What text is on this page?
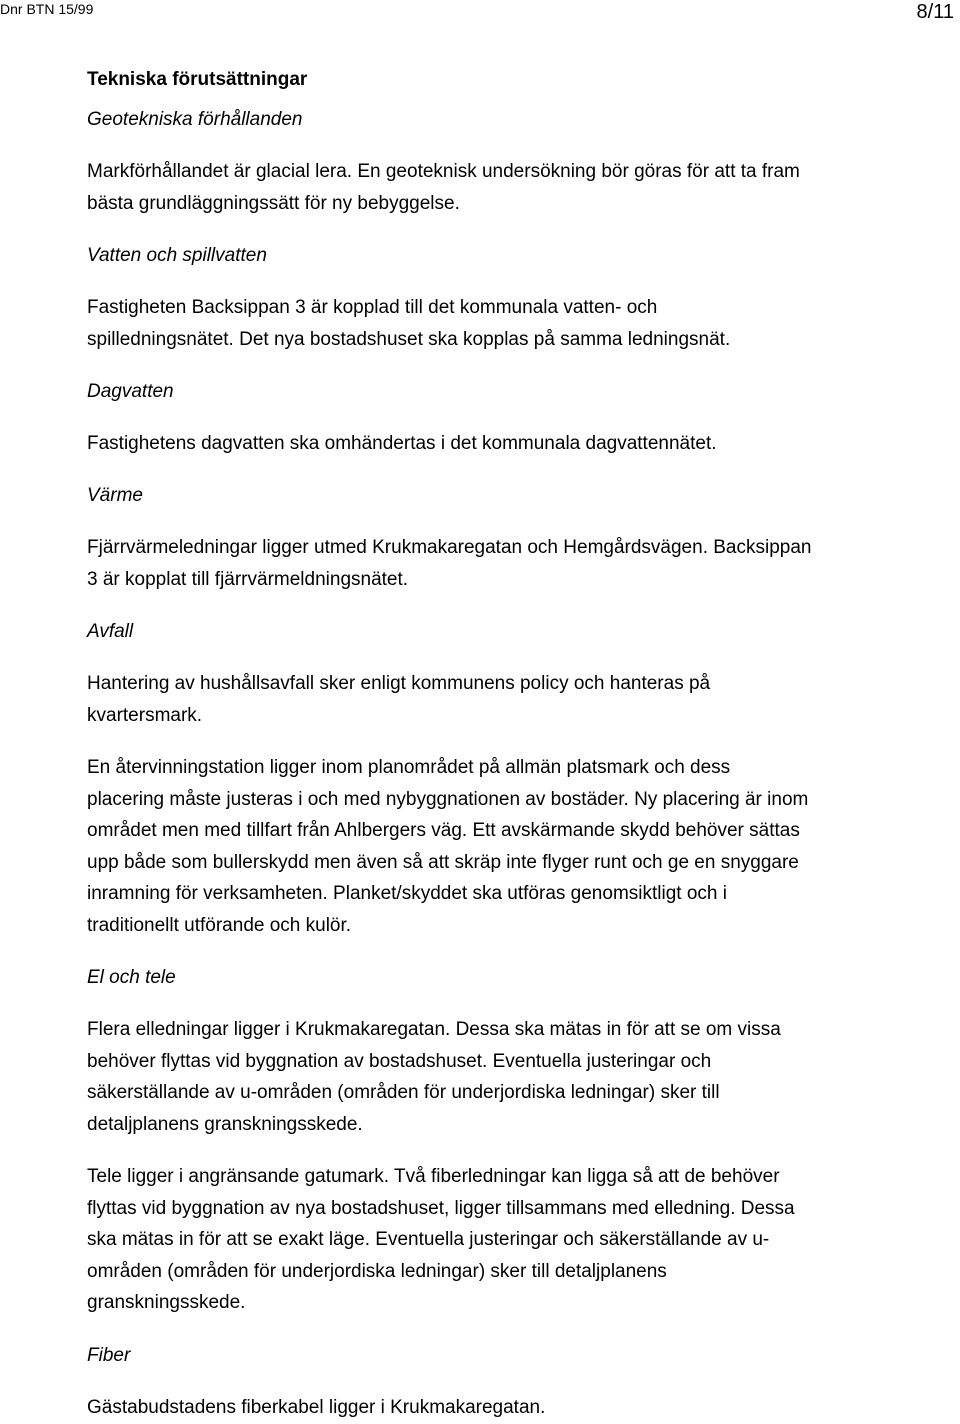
Dnr BTN 15/99	8/11
Tekniska förutsättningar
Geotekniska förhållanden
Markförhållandet är glacial lera. En geoteknisk undersökning bör göras för att ta fram
bästa grundläggningssätt för ny bebyggelse.
Vatten och spillvatten
Fastigheten Backsippan 3 är kopplad till det kommunala vatten- och
spilledningsnätet. Det nya bostadshuset ska kopplas på samma ledningsnät.
Dagvatten
Fastighetens dagvatten ska omhändertas i det kommunala dagvattennätet.
Värme
Fjärrvärmeledningar ligger utmed Krukmakaregatan och Hemgårdsvägen. Backsippan
3 är kopplat till fjärrvärmeldningsnätet.
Avfall
Hantering av hushållsavfall sker enligt kommunens policy och hanteras på
kvartersmark.
En återvinningstation ligger inom planområdet på allmän platsmark och dess
placering måste justeras i och med nybyggnationen av bostäder. Ny placering är inom
området men med tillfart från Ahlbergers väg. Ett avskärmande skydd behöver sättas
upp både som bullerskydd men även så att skräp inte flyger runt och ge en snyggare
inramning för verksamheten. Planket/skyddet ska utföras genomsiktligt och i
traditionellt utförande och kulör.
El och tele
Flera elledningar ligger i Krukmakaregatan. Dessa ska mätas in för att se om vissa
behöver flyttas vid byggnation av bostadshuset. Eventuella justeringar och
säkerställande av u-områden (områden för underjordiska ledningar) sker till
detaljplanens granskningsskede.
Tele ligger i angränsande gatumark. Två fiberledningar kan ligga så att de behöver
flyttas vid byggnation av nya bostadshuset, ligger tillsammans med elledning. Dessa
ska mätas in för att se exakt läge. Eventuella justeringar och säkerställande av u-
områden (områden för underjordiska ledningar) sker till detaljplanens
granskningsskede.
Fiber
Gästabudstadens fiberkabel ligger i Krukmakaregatan.
